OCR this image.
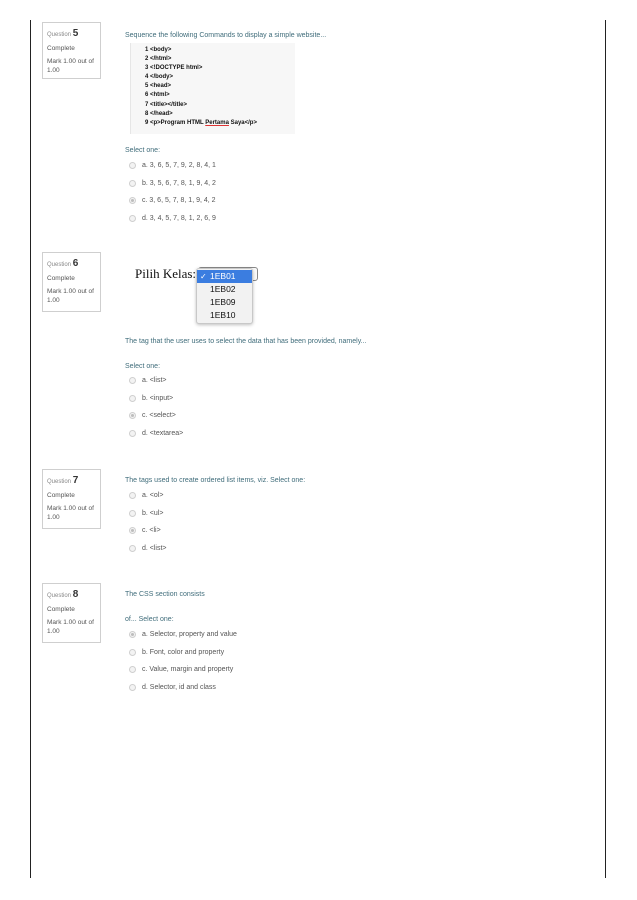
Question 5
Complete
Mark 1.00 out of 1.00
Sequence the following Commands to display a simple website...
1 <body>
2 </html>
3 <!DOCTYPE html>
4 </body>
5 <head>
6 <html>
7 <title></title>
8 </head>
9 <p>Program HTML Pertama Saya</p>
Select one:
a. 3, 6, 5, 7, 9, 2, 8, 4, 1
b. 3, 5, 6, 7, 8, 1, 9, 4, 2
c. 3, 6, 5, 7, 8, 1, 9, 4, 2
d. 3, 4, 5, 7, 8, 1, 2, 6, 9
Question 6
Complete
Mark 1.00 out of 1.00
Pilih Kelas: ✓ 1EB01
1EB02
1EB09
1EB10
The tag that the user uses to select the data that has been provided, namely...
Select one:
a. <list>
b. <input>
c. <select>
d. <textarea>
Question 7
Complete
Mark 1.00 out of 1.00
The tags used to create ordered list items, viz. Select one:
a. <ol>
b. <ul>
c. <li>
d. <list>
Question 8
Complete
Mark 1.00 out of 1.00
The CSS section consists
of... Select one:
a. Selector, property and value
b. Font, color and property
c. Value, margin and property
d. Selector, id and class
